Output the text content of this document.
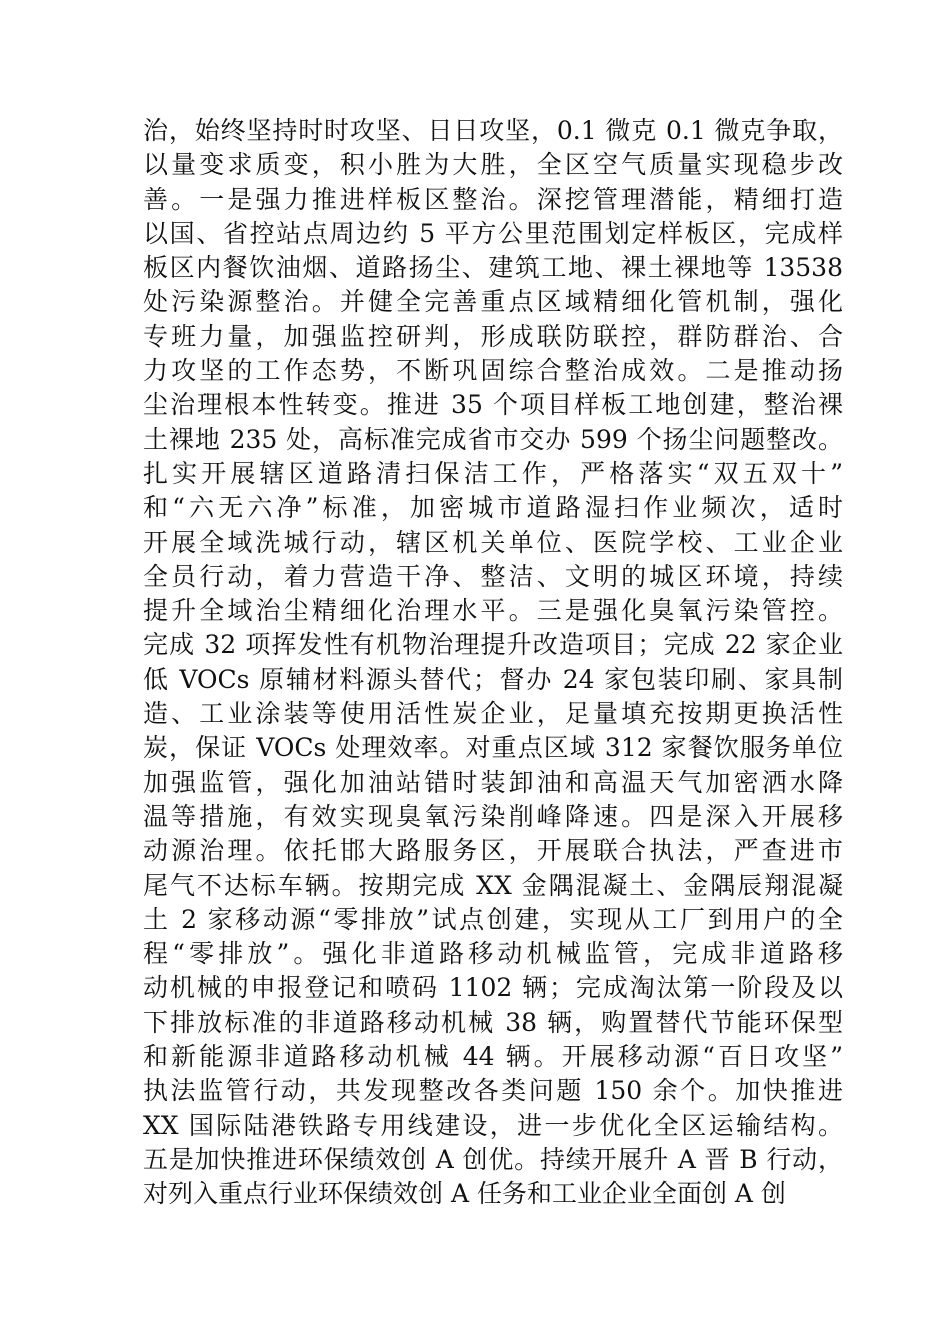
治，始终坚持时时攻坚、日日攻坚，0.1 微克 0.1 微克争取，
以量变求质变，积小胜为大胜，全区空气质量实现稳步改
善。一是强力推进样板区整治。深挖管理潜能，精细打造
以国、省控站点周边约 5 平方公里范围划定样板区，完成样
板区内餐饮油烟、道路扬尘、建筑工地、裸土裸地等 13538
处污染源整治。并健全完善重点区域精细化管机制，强化
专班力量，加强监控研判，形成联防联控，群防群治、合
力攻坚的工作态势，不断巩固综合整治成效。二是推动扬
尘治理根本性转变。推进 35 个项目样板工地创建，整治裸
土裸地 235 处，高标准完成省市交办 599 个扬尘问题整改。
扎实开展辖区道路清扫保洁工作，严格落实“双五双十”
和“六无六净”标准，加密城市道路湿扫作业频次，适时
开展全域洗城行动，辖区机关单位、医院学校、工业企业
全员行动，着力营造干净、整洁、文明的城区环境，持续
提升全域治尘精细化治理水平。三是强化臭氧污染管控。
完成 32 项挥发性有机物治理提升改造项目；完成 22 家企业
低 VOCs 原辅材料源头替代；督办 24 家包装印刷、家具制
造、工业涂装等使用活性炭企业，足量填充按期更换活性
炭，保证 VOCs 处理效率。对重点区域 312 家餐饮服务单位
加强监管，强化加油站错时装卸油和高温天气加密洒水降
温等措施，有效实现臭氧污染削峰降速。四是深入开展移
动源治理。依托邯大路服务区，开展联合执法，严查进市
尾气不达标车辆。按期完成 XX 金隅混凝土、金隅辰翔混凝
土 2 家移动源“零排放”试点创建，实现从工厂到用户的全
程“零排放”。强化非道路移动机械监管，完成非道路移
动机械的申报登记和喷码 1102 辆；完成淘汰第一阶段及以
下排放标准的非道路移动机械 38 辆，购置替代节能环保型
和新能源非道路移动机械 44 辆。开展移动源“百日攻坚”
执法监管行动，共发现整改各类问题 150 余个。加快推进
XX 国际陆港铁路专用线建设，进一步优化全区运输结构。
五是加快推进环保绩效创 A 创优。持续开展升 A 晋 B 行动，
对列入重点行业环保绩效创 A 任务和工业企业全面创 A 创
